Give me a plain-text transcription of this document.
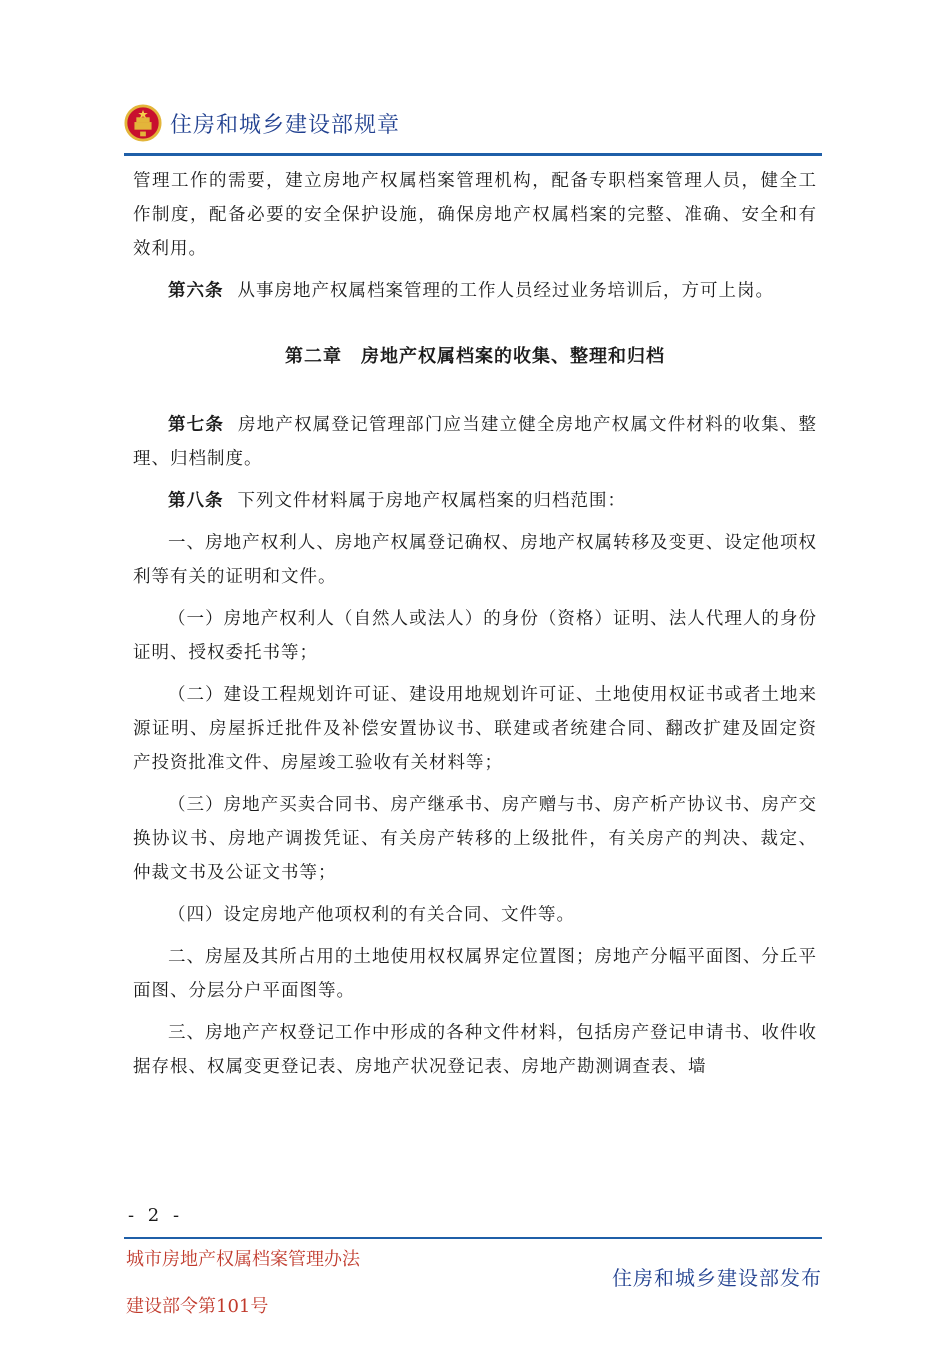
住房和城乡建设部规章

管理工作的需要，建立房地产权属档案管理机构，配备专职档案管理人员，健全工作制度，配备必要的安全保护设施，确保房地产权属档案的完整、准确、安全和有效利用。

第六条 从事房地产权属档案管理的工作人员经过业务培训后，方可上岗。

第二章　房地产权属档案的收集、整理和归档

第七条 房地产权属登记管理部门应当建立健全房地产权属文件材料的收集、整理、归档制度。

第八条 下列文件材料属于房地产权属档案的归档范围：

一、房地产权利人、房地产权属登记确权、房地产权属转移及变更、设定他项权利等有关的证明和文件。

（一）房地产权利人（自然人或法人）的身份（资格）证明、法人代理人的身份证明、授权委托书等；

（二）建设工程规划许可证、建设用地规划许可证、土地使用权证书或者土地来源证明、房屋拆迁批件及补偿安置协议书、联建或者统建合同、翻改扩建及固定资产投资批准文件、房屋竣工验收有关材料等；

（三）房地产买卖合同书、房产继承书、房产赠与书、房产析产协议书、房产交换协议书、房地产调拨凭证、有关房产转移的上级批件，有关房产的判决、裁定、仲裁文书及公证文书等；

（四）设定房地产他项权利的有关合同、文件等。

二、房屋及其所占用的土地使用权权属界定位置图；房地产分幅平面图、分丘平面图、分层分户平面图等。

三、房地产产权登记工作中形成的各种文件材料，包括房产登记申请书、收件收据存根、权属变更登记表、房地产状况登记表、房地产勘测调查表、墙

- 2 -
城市房地产权属档案管理办法
建设部令第101号
住房和城乡建设部发布
